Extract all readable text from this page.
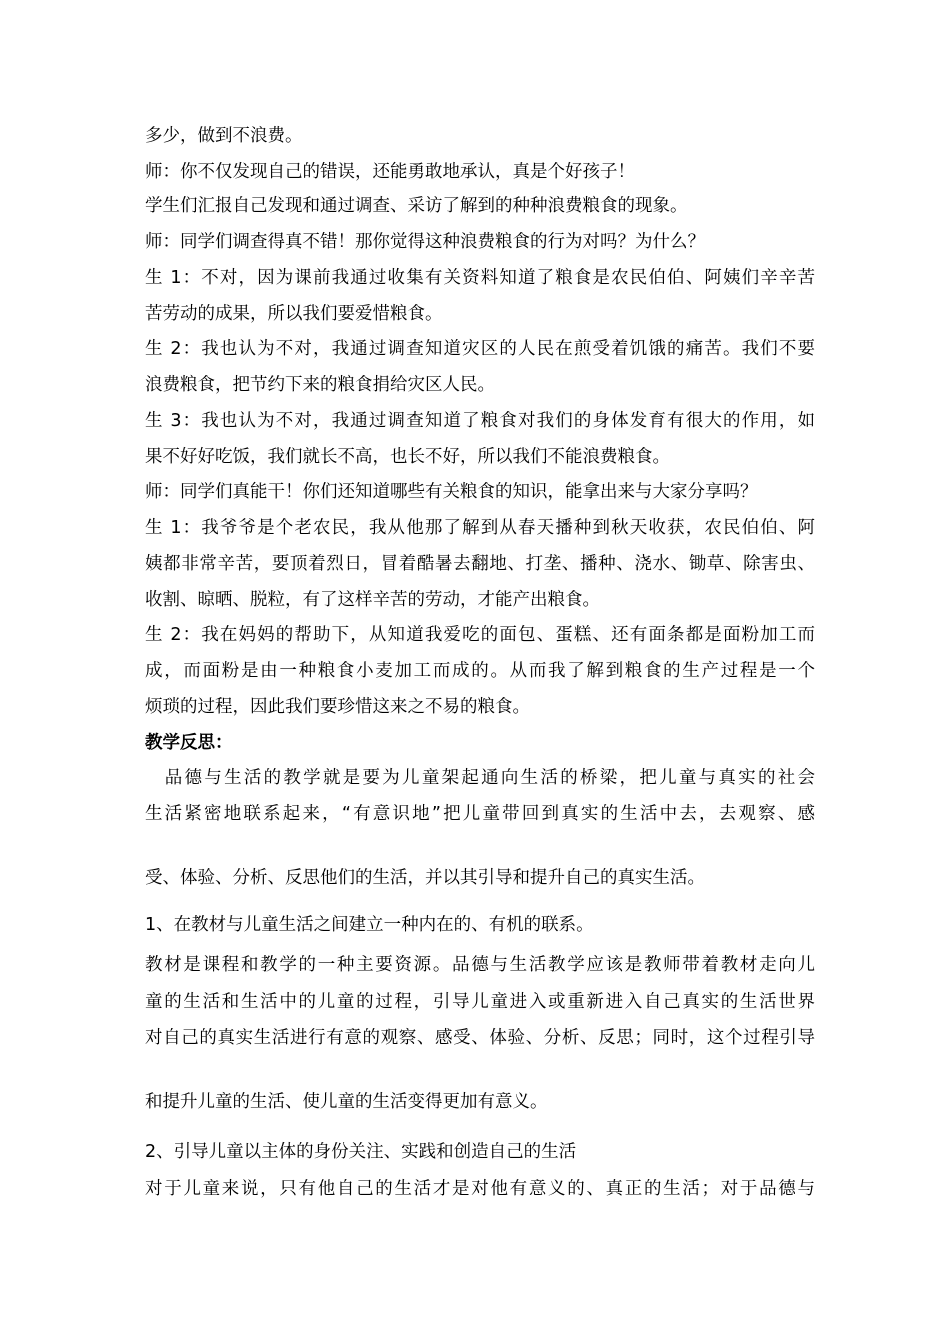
多少，做到不浪费。
师：你不仅发现自己的错误，还能勇敢地承认，真是个好孩子！
学生们汇报自己发现和通过调查、采访了解到的种种浪费粮食的现象。
师：同学们调查得真不错！那你觉得这种浪费粮食的行为对吗？为什么？
生 1：不对，因为课前我通过收集有关资料知道了粮食是农民伯伯、阿姨们辛辛苦
苦劳动的成果，所以我们要爱惜粮食。
生 2：我也认为不对，我通过调查知道灾区的人民在煎受着饥饿的痛苦。我们不要
浪费粮食，把节约下来的粮食捐给灾区人民。
生 3：我也认为不对，我通过调查知道了粮食对我们的身体发育有很大的作用，如
果不好好吃饭，我们就长不高，也长不好，所以我们不能浪费粮食。
师：同学们真能干！你们还知道哪些有关粮食的知识，能拿出来与大家分享吗？
生 1：我爷爷是个老农民，我从他那了解到从春天播种到秋天收获，农民伯伯、阿
姨都非常辛苦，要顶着烈日，冒着酷暑去翻地、打垄、播种、浇水、锄草、除害虫、
收割、晾晒、脱粒，有了这样辛苦的劳动，才能产出粮食。
生 2：我在妈妈的帮助下，从知道我爱吃的面包、蛋糕、还有面条都是面粉加工而
成，而面粉是由一种粮食小麦加工而成的。从而我了解到粮食的生产过程是一个
烦琐的过程，因此我们要珍惜这来之不易的粮食。
教学反思：
　品德与生活的教学就是要为儿童架起通向生活的桥梁，把儿童与真实的社会
生活紧密地联系起来，“有意识地”把儿童带回到真实的生活中去，去观察、感
受、体验、分析、反思他们的生活，并以其引导和提升自己的真实生活。
1、在教材与儿童生活之间建立一种内在的、有机的联系。
教材是课程和教学的一种主要资源。品德与生活教学应该是教师带着教材走向儿
童的生活和生活中的儿童的过程，引导儿童进入或重新进入自己真实的生活世界
对自己的真实生活进行有意的观察、感受、体验、分析、反思；同时，这个过程引导
和提升儿童的生活、使儿童的生活变得更加有意义。
2、引导儿童以主体的身份关注、实践和创造自己的生活
对于儿童来说，只有他自己的生活才是对他有意义的、真正的生活；对于品德与
